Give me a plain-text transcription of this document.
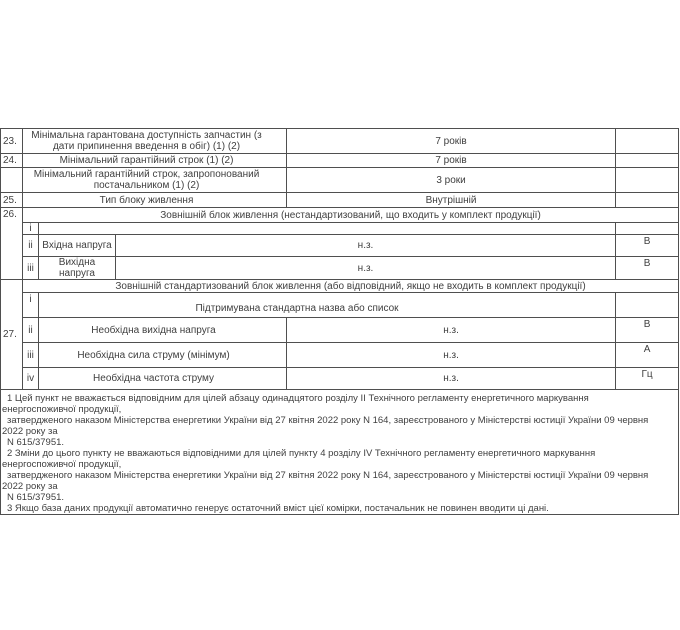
23.	Мінімальна гарантована доступність запчастин (з дати припинення введення в обіг) (1) (2)			7 років	
24.	Мінімальний гарантійний строк (1) (2)			7 років	
	Мінімальний гарантійний строк, запропонований постачальником (1) (2)			3 роки	
25.	Тип блоку живлення			Внутрішній	
26.	Зовнішній блок живлення (нестандартизований, що входить у комплект продукції)				
	i				
	ii	Вхідна напруга	н.з.		В
	iii	Вихідна напруга	н.з.		В
27.	Зовнішній стандартизований блок живлення (або відповідний, якщо не входить в комплект продукції)				
	i	Підтримувана стандартна назва або список			
	ii	Необхідна вихідна напруга		н.з.	В
	iii	Необхідна сила струму (мінімум)		н.з.	А
	iv	Необхідна частота струму		н.з.	Гц

1 Цей пункт не вважається відповідним для цілей абзацу одинадцятого розділу II Технічного регламенту енергетичного маркування
енергоспоживчої продукції,
затвердженого наказом Міністерства енергетики України від 27 квітня 2022 року N 164, зареєстрованого у Міністерстві юстиції України 09 червня
2022 року за
N 615/37951.
2 Зміни до цього пункту не вважаються відповідними для цілей пункту 4 розділу IV Технічного регламенту енергетичного маркування
енергоспоживчої продукції,
затвердженого наказом Міністерства енергетики України від 27 квітня 2022 року N 164, зареєстрованого у Міністерстві юстиції України 09 червня
2022 року за
N 615/37951.
3 Якщо база даних продукції автоматично генерує остаточний вміст цієї комірки, постачальник не повинен вводити ці дані.
